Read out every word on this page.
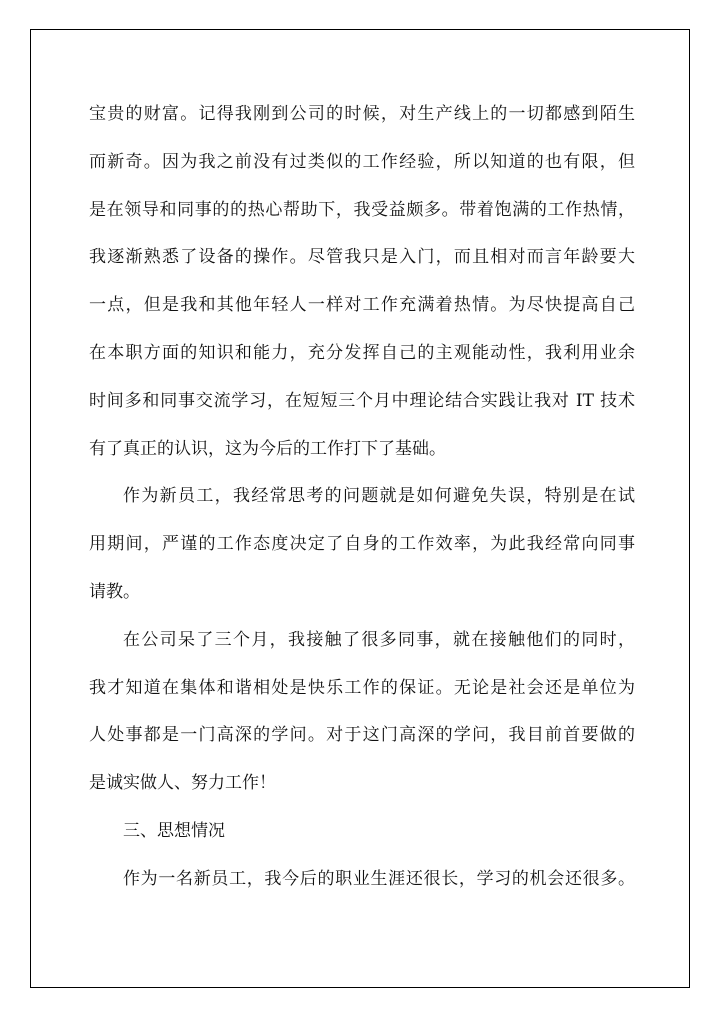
宝贵的财富。记得我刚到公司的时候，对生产线上的一切都感到陌生
而新奇。因为我之前没有过类似的工作经验，所以知道的也有限，但
是在领导和同事的的热心帮助下，我受益颇多。带着饱满的工作热情，
我逐渐熟悉了设备的操作。尽管我只是入门，而且相对而言年龄要大
一点，但是我和其他年轻人一样对工作充满着热情。为尽快提高自己
在本职方面的知识和能力，充分发挥自己的主观能动性，我利用业余
时间多和同事交流学习，在短短三个月中理论结合实践让我对 IT 技术
有了真正的认识，这为今后的工作打下了基础。
作为新员工，我经常思考的问题就是如何避免失误，特别是在试
用期间，严谨的工作态度决定了自身的工作效率，为此我经常向同事
请教。
在公司呆了三个月，我接触了很多同事，就在接触他们的同时，
我才知道在集体和谐相处是快乐工作的保证。无论是社会还是单位为
人处事都是一门高深的学问。对于这门高深的学问，我目前首要做的
是诚实做人、努力工作！
三、思想情况
作为一名新员工，我今后的职业生涯还很长，学习的机会还很多。
